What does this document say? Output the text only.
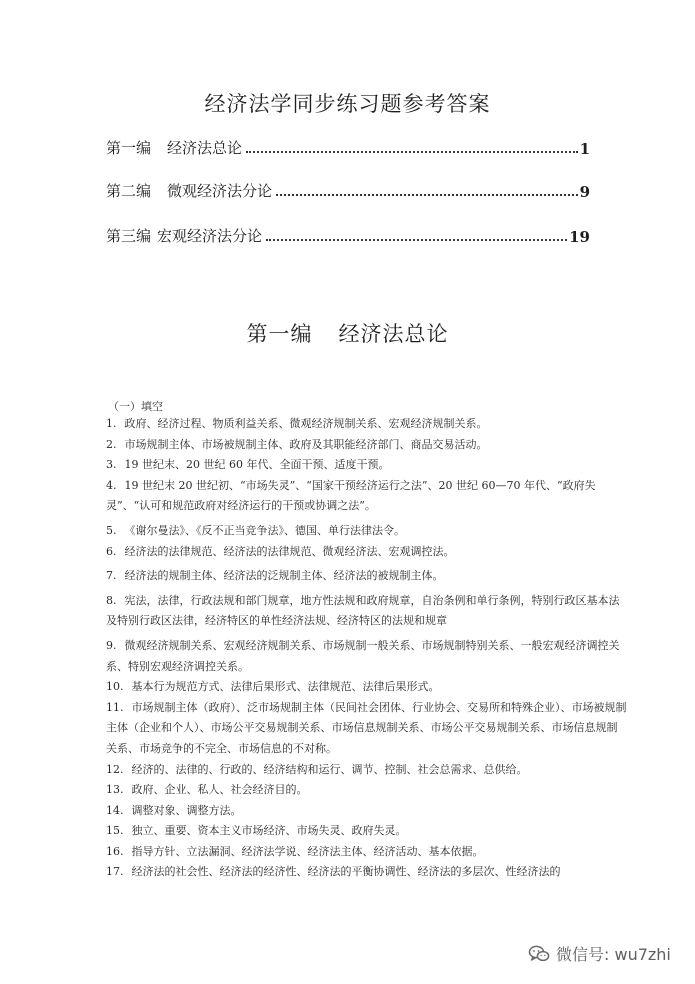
经济法学同步练习题参考答案
第一编 经济法总论	1
第二编 微观经济法分论	9
第三编 宏观经济法分论	19
第一编 经济法总论
（一）填空
1. 政府、经济过程、物质利益关系、微观经济规制关系、宏观经济规制关系。
2. 市场规制主体、市场被规制主体、政府及其职能经济部门、商品交易活动。
3. 19 世纪末、20 世纪 60 年代、全面干预、适度干预。
4. 19 世纪末 20 世纪初、“市场失灵”、“国家干预经济运行之法”、20 世纪 60—70 年代、“政府失灵”、“认可和规范政府对经济运行的干预或协调之法”。
5. 《谢尔曼法》、《反不正当竞争法》、德国、单行法律法令。
6. 经济法的法律规范、经济法的法律规范、微观经济法、宏观调控法。
7. 经济法的规制主体、经济法的泛规制主体、经济法的被规制主体。
8. 宪法，法律，行政法规和部门规章，地方性法规和政府规章，自治条例和单行条例，特别行政区基本法及特别行政区法律，经济特区的单性经济法规、经济特区的法规和规章
9. 微观经济规制关系、宏观经济规制关系、市场规制一般关系、市场规制特别关系、一般宏观经济调控关系、特别宏观经济调控关系。
10. 基本行为规范方式、法律后果形式、法律规范、法律后果形式。
11. 市场规制主体（政府）、泛市场规制主体（民间社会团体、行业协会、交易所和特殊企业）、市场被规制主体（企业和个人）、市场公平交易规制关系、市场信息规制关系、市场公平交易规制关系、市场信息规制关系、市场竞争的不完全、市场信息的不对称。
12. 经济的、法律的、行政的、经济结构和运行、调节、控制、社会总需求、总供给。
13. 政府、企业、私人、社会经济目的。
14. 调整对象、调整方法。
15. 独立、重要、资本主义市场经济、市场失灵、政府失灵。
16. 指导方针、立法漏洞、经济法学说、经济法主体、经济活动、基本依据。
17. 经济法的社会性、经济法的经济性、经济法的平衡协调性、经济法的多层次、性经济法的
微信号: wu7zhi
